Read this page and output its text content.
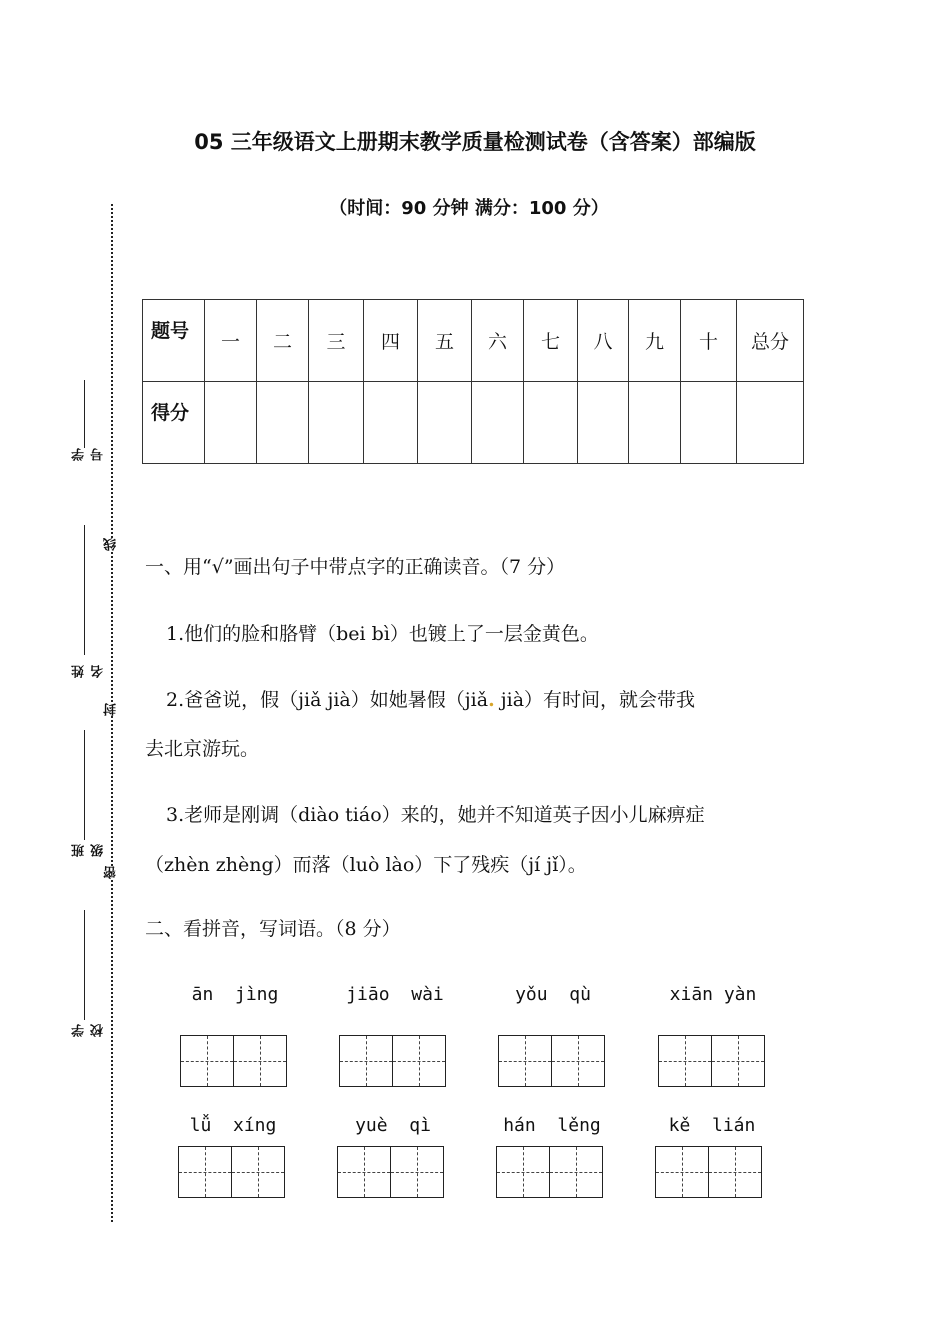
05 三年级语文上册期末教学质量检测试卷（含答案）部编版
（时间：90 分钟 满分：100 分）
线
封
密
学号
姓名
班级
学校
题号	一	二	三	四	五	六	七	八	九	十	总分
得分											
一、用“√”画出句子中带点字的正确读音。（7 分）
1.他们的脸和胳臂（bei bì）也镀上了一层金黄色。
2.爸爸说，假（jiǎ jià）如她暑假（jiǎ. jià）有时间，就会带我
去北京游玩。
3.老师是刚调（diào tiáo）来的，她并不知道英子因小儿麻痹症
（zhèn zhèng）而落（luò lào）下了残疾（jí jǐ）。
二、看拼音，写词语。（8 分）
ān  jìng	jiāo  wài	yǒu  qù	xiān yàn
lǚ  xíng	yuè  qì	hán  lěng	kě  lián
